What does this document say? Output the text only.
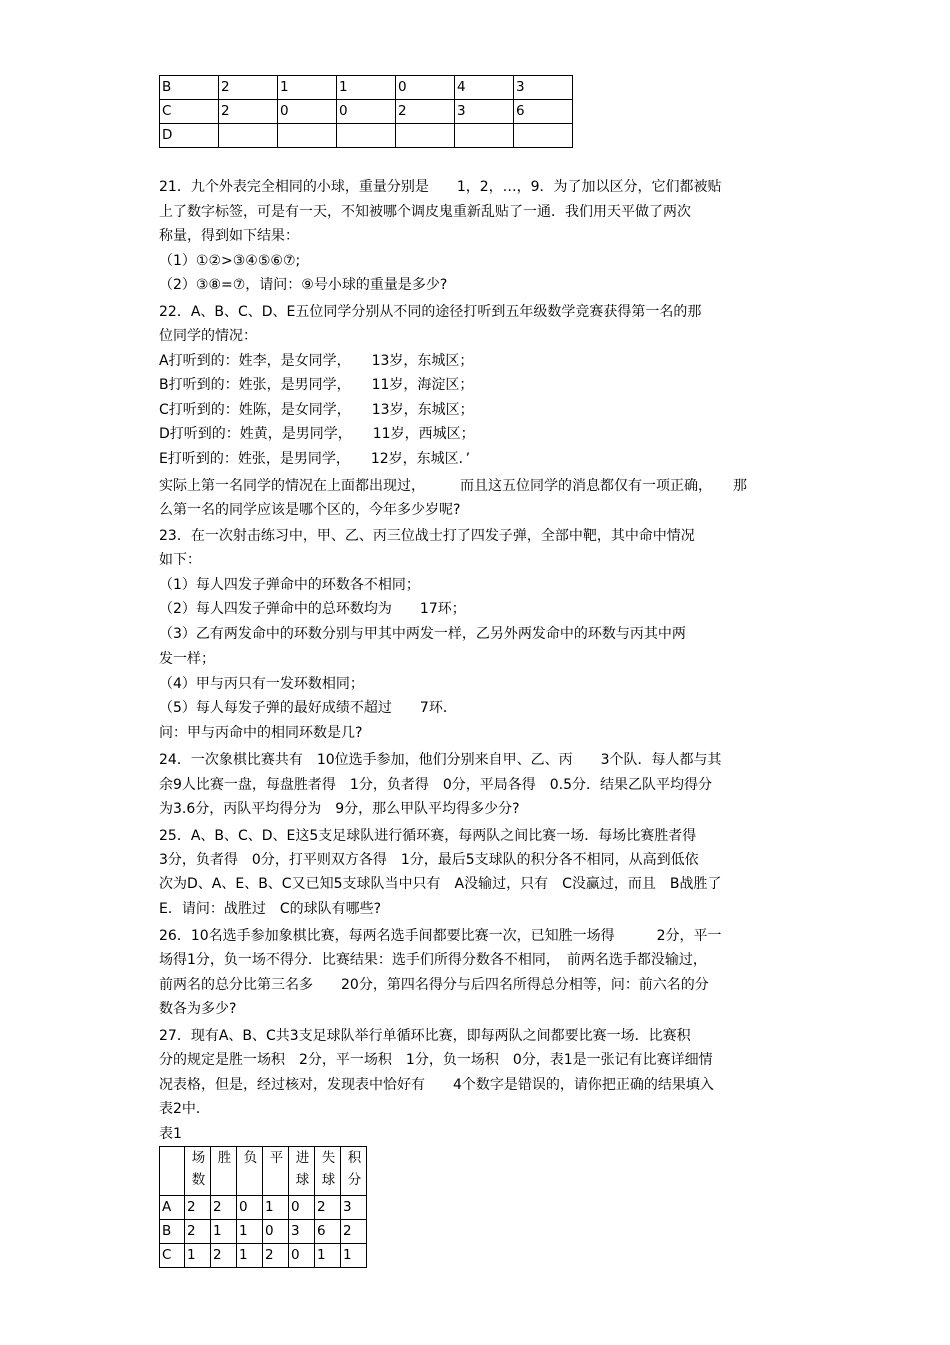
B	2	1	1	0	4	3
C	2	0	0	2	3	6
D						
21．九个外表完全相同的小球，重量分别是　　1，2，…，9．为了加以区分，它们都被贴
上了数字标签，可是有一天，不知被哪个调皮鬼重新乱贴了一通．我们用天平做了两次
称量，得到如下结果：
（1）①②>③④⑤⑥⑦;
（2）③⑧=⑦，请问：⑨号小球的重量是多少?
22．A、B、C、D、E五位同学分别从不同的途径打听到五年级数学竞赛获得第一名的那
位同学的情况：
A打听到的：姓李，是女同学，　　13岁，东城区；
B打听到的：姓张，是男同学，　　11岁，海淀区；
C打听到的：姓陈，是女同学，　　13岁，东城区；
D打听到的：姓黄，是男同学，　　11岁，西城区；
E打听到的：姓张，是男同学，　　12岁，东城区．’
实际上第一名同学的情况在上面都出现过，　　　而且这五位同学的消息都仅有一项正确，　　那
么第一名的同学应该是哪个区的，今年多少岁呢?
23．在一次射击练习中，甲、乙、丙三位战士打了四发子弹，全部中靶，其中命中情况
如下：
（1）每人四发子弹命中的环数各不相同；
（2）每人四发子弹命中的总环数均为　　17环；
（3）乙有两发命中的环数分别与甲其中两发一样，乙另外两发命中的环数与丙其中两
发一样；
（4）甲与丙只有一发环数相同；
（5）每人每发子弹的最好成绩不超过　　7环．
问：甲与丙命中的相同环数是几?
24．一次象棋比赛共有　10位选手参加，他们分别来自甲、乙、丙　　3个队．每人都与其
余9人比赛一盘，每盘胜者得　1分，负者得　0分，平局各得　0.5分．结果乙队平均得分
为3.6分，丙队平均得分为　9分，那么甲队平均得多少分?
25．A、B、C、D、E这5支足球队进行循环赛，每两队之间比赛一场．每场比赛胜者得
3分，负者得　0分，打平则双方各得　1分，最后5支球队的积分各不相同，从高到低依
次为D、A、E、B、C又已知5支球队当中只有　A没输过，只有　C没赢过，而且　B战胜了
E．请问：战胜过　C的球队有哪些?
26．10名选手参加象棋比赛，每两名选手间都要比赛一次，已知胜一场得　　　2分，平一
场得1分，负一场不得分．比赛结果：选手们所得分数各不相同，　前两名选手都没输过，
前两名的总分比第三名多　　20分，第四名得分与后四名所得总分相等，问：前六名的分
数各为多少?
27．现有A、B、C共3支足球队举行单循环比赛，即每两队之间都要比赛一场．比赛积
分的规定是胜一场积　2分，平一场积　1分，负一场积　0分，表1是一张记有比赛详细情
况表格，但是，经过核对，发现表中恰好有　　4个数字是错误的，请你把正确的结果填入
表2中．
表1
	场数	胜	负	平	进球	失球	积分
A	2	2	0	1	0	2	3
B	2	1	1	0	3	6	2
C	1	2	1	2	0	1	1
